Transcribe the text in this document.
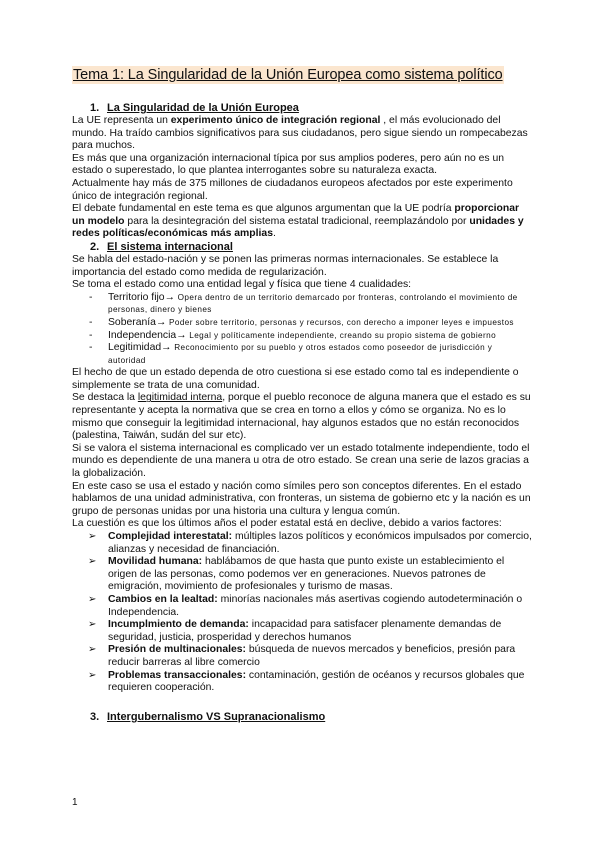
Tema 1: La Singularidad de la Unión Europea como sistema político
1. La Singularidad de la Unión Europea

La UE representa un experimento único de integración regional , el más evolucionado del mundo. Ha traído cambios significativos para sus ciudadanos, pero sigue siendo un rompecabezas para muchos.

Es más que una organización internacional típica por sus amplios poderes, pero aún no es un estado o superestado, lo que plantea interrogantes sobre su naturaleza exacta.

Actualmente hay más de 375 millones de ciudadanos europeos afectados por este experimento único de integración regional.

El debate fundamental en este tema es que algunos argumentan que la UE podría proporcionar un modelo para la desintegración del sistema estatal tradicional, reemplazándolo por unidades y redes políticas/económicas más amplias.

2. El sistema internacional

Se habla del estado-nación y se ponen las primeras normas internacionales. Se establece la importancia del estado como medida de regularización.

Se toma el estado como una entidad legal y física que tiene 4 cualidades:

- Territorio fijo→ Opera dentro de un territorio demarcado por fronteras, controlando el movimiento de personas, dinero y bienes
- Soberanía→ Poder sobre territorio, personas y recursos, con derecho a imponer leyes e impuestos
- Independencia→ Legal y políticamente independiente, creando su propio sistema de gobierno
- Legitimidad→ Reconocimiento por su pueblo y otros estados como poseedor de jurisdicción y autoridad

El hecho de que un estado dependa de otro cuestiona si ese estado como tal es independiente o simplemente se trata de una comunidad.

Se destaca la legitimidad interna, porque el pueblo reconoce de alguna manera que el estado es su representante y acepta la normativa que se crea en torno a ellos y cómo se organiza. No es lo mismo que conseguir la legitimidad internacional, hay algunos estados que no están reconocidos (palestina, Taiwán, sudán del sur etc).

Si se valora el sistema internacional es complicado ver un estado totalmente independiente, todo el mundo es dependiente de una manera u otra de otro estado. Se crean una serie de lazos gracias a la globalización.

En este caso se usa el estado y nación como símiles pero son conceptos diferentes. En el estado hablamos de una unidad administrativa, con fronteras, un sistema de gobierno etc y la nación es un grupo de personas unidas por una historia una cultura y lengua común.

La cuestión es que los últimos años el poder estatal está en declive, debido a varios factores:

➢ Complejidad interestatal: múltiples lazos políticos y económicos impulsados por comercio, alianzas y necesidad de financiación.
➢ Movilidad humana: hablábamos de que hasta que punto existe un establecimiento el origen de las personas, como podemos ver en generaciones. Nuevos patrones de emigración, movimiento de profesionales y turismo de masas.
➢ Cambios en la lealtad: minorías nacionales más asertivas cogiendo autodeterminación o Independencia.
➢ Incumplmiento de demanda: incapacidad para satisfacer plenamente demandas de seguridad, justicia, prosperidad y derechos humanos
➢ Presión de multinacionales: búsqueda de nuevos mercados y beneficios, presión para reducir barreras al libre comercio
➢ Problemas transaccionales: contaminación, gestión de océanos y recursos globales que requieren cooperación.
3. Intergubernalismo VS Supranacionalismo
1
